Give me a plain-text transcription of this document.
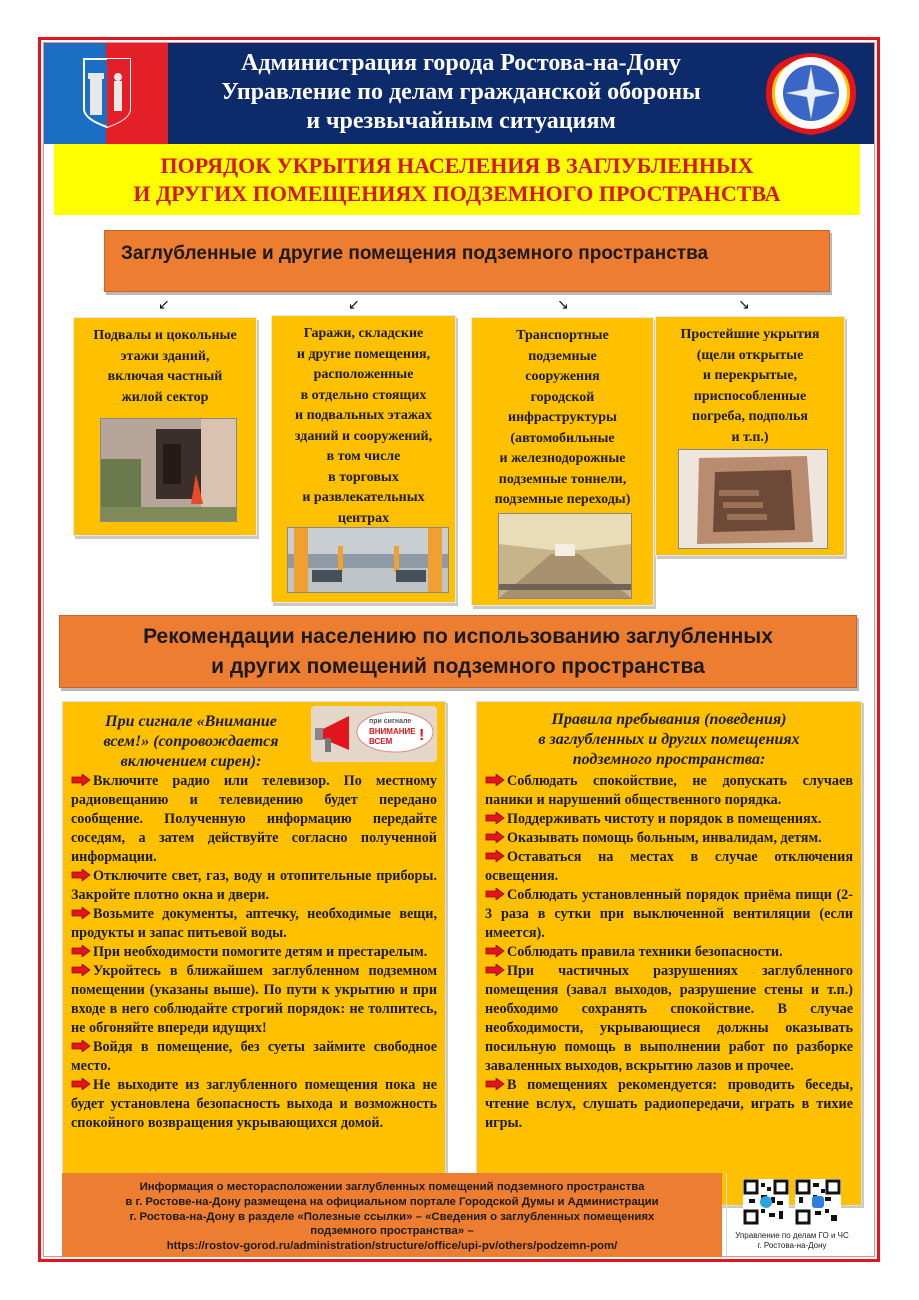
Администрация города Ростова-на-Дону
Управление по делам гражданской обороны
и чрезвычайным ситуациям
ПОРЯДОК УКРЫТИЯ НАСЕЛЕНИЯ В ЗАГЛУБЛЕННЫХ
И ДРУГИХ ПОМЕЩЕНИЯХ ПОДЗЕМНОГО ПРОСТРАНСТВА
Заглубленные и другие помещения подземного пространства
↙	↙	↘	↘
Подвалы и цокольные
этажи зданий,
включая частный
жилой сектор
Гаражи, складские
и другие помещения,
расположенные
в отдельно стоящих
и подвальных этажах
зданий и сооружений,
в том числе
в торговых
и развлекательных
центрах
Транспортные
подземные
сооружения
городской
инфраструктуры
(автомобильные
и железнодорожные
подземные тоннели,
подземные переходы)
Простейшие укрытия
(щели открытые
и перекрытые,
приспособленные
погреба, подполья
и т.п.)
Рекомендации населению по использованию заглубленных
и других помещений подземного пространства
При сигнале «Внимание
всем!» (сопровождается
включением сирен):
при сигнале
ВНИМАНИЕ
ВСЕМ !

Включите радио или телевизор. По местному радиовещанию и телевидению будет передано сообщение. Полученную информацию передайте соседям, а затем действуйте согласно полученной информации.

Отключите свет, газ, воду и отопительные приборы. Закройте плотно окна и двери.

Возьмите документы, аптечку, необходимые вещи, продукты и запас питьевой воды.

При необходимости помогите детям и престарелым.

Укройтесь в ближайшем заглубленном подземном помещении (указаны выше). По пути к укрытию и при входе в него соблюдайте строгий порядок: не толпитесь, не обгоняйте впереди идущих!

Войдя в помещение, без суеты займите свободное место.

Не выходите из заглубленного помещения пока не будет установлена безопасность выхода и возможность спокойного возвращения укрывающихся домой.

Правила пребывания (поведения)
в заглубленных и других помещениях
подземного пространства:

Соблюдать спокойствие, не допускать случаев паники и нарушений общественного порядка.

Поддерживать чистоту и порядок в помещениях.

Оказывать помощь больным, инвалидам, детям.

Оставаться на местах в случае отключения освещения.

Соблюдать установленный порядок приёма пищи (2-3 раза в сутки при выключенной вентиляции (если имеется).

Соблюдать правила техники безопасности.

При частичных разрушениях заглубленного помещения (завал выходов, разрушение стены и т.п.) необходимо сохранять спокойствие. В случае необходимости, укрывающиеся должны оказывать посильную помощь в выполнении работ по разборке заваленных выходов, вскрытию лазов и прочее.

В помещениях рекомендуется: проводить беседы, чтение вслух, слушать радиопередачи, играть в тихие игры.

Информация о месторасположении заглубленных помещений подземного пространства
в г. Ростове-на-Дону размещена на официальном портале Городской Думы и Администрации
г. Ростова-на-Дону в разделе «Полезные ссылки» – «Сведения о заглубленных помещениях
подземного пространства» –
https://rostov-gorod.ru/administration/structure/office/upi-pv/others/podzemn-pom/
Управление по делам ГО и ЧС
г. Ростова-на-Дону
